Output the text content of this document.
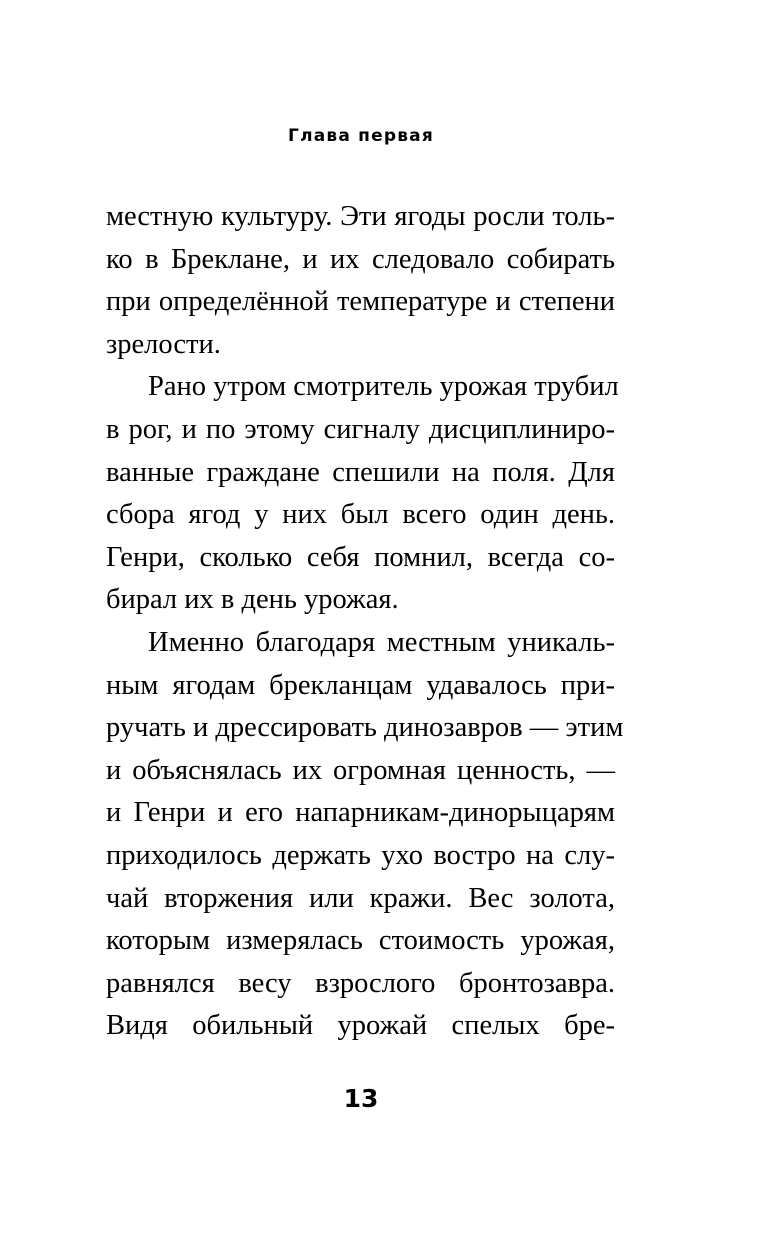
Глава первая
местную культуру. Эти ягоды росли толь-
ко в Бреклане, и их следовало собирать
при определённой температуре и степени
зрелости.
Рано утром смотритель урожая трубил
в рог, и по этому сигналу дисциплиниро-
ванные граждане спешили на поля. Для
сбора ягод у них был всего один день.
Генри, сколько себя помнил, всегда со-
бирал их в день урожая.
Именно благодаря местным уникаль-
ным ягодам брекланцам удавалось при-
ручать и дрессировать динозавров — этим
и объяснялась их огромная ценность, —
и Генри и его напарникам-динорыцарям
приходилось держать ухо востро на слу-
чай вторжения или кражи. Вес золота,
которым измерялась стоимость урожая,
равнялся весу взрослого бронтозавра.
Видя обильный урожай спелых бре-
13
